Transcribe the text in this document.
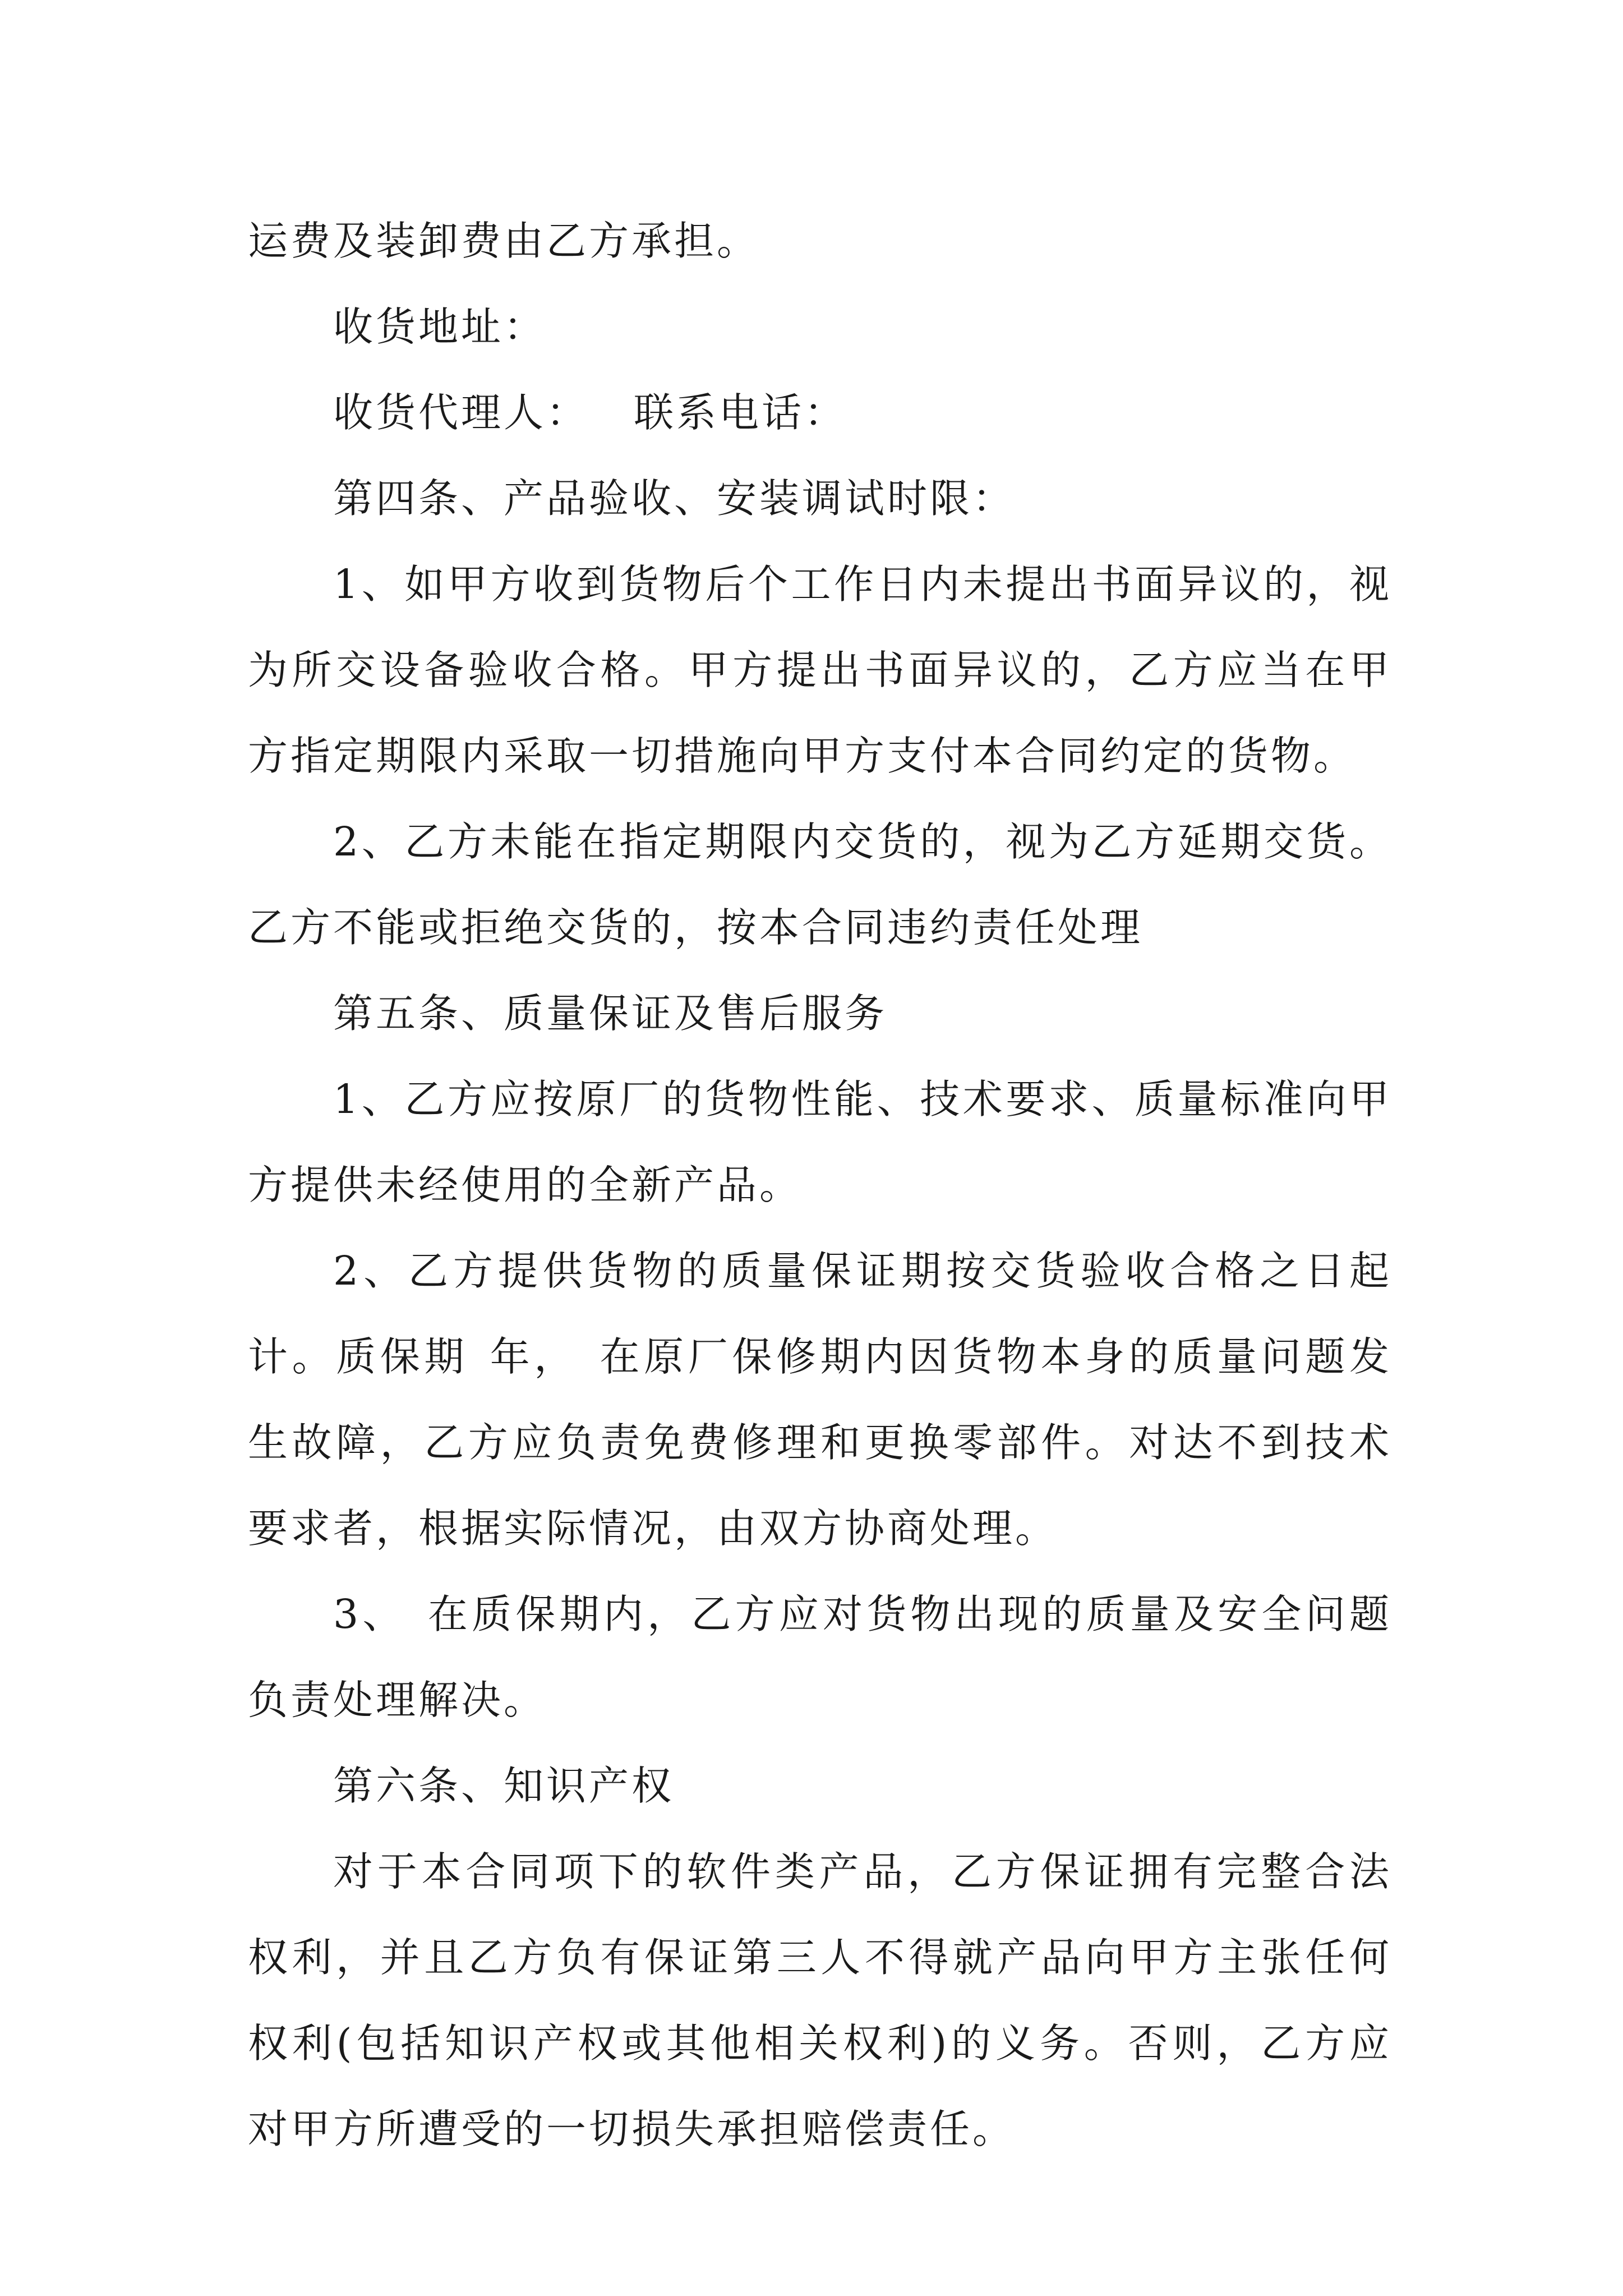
运费及装卸费由乙方承担。

收货地址：

收货代理人： 联系电话：

第四条、产品验收、安装调试时限：

1、如甲方收到货物后个工作日内未提出书面异议的，视为所交设备验收合格。甲方提出书面异议的，乙方应当在甲方指定期限内采取一切措施向甲方支付本合同约定的货物。

2、乙方未能在指定期限内交货的，视为乙方延期交货。乙方不能或拒绝交货的，按本合同违约责任处理

第五条、质量保证及售后服务

1、乙方应按原厂的货物性能、技术要求、质量标准向甲方提供未经使用的全新产品。

2、乙方提供货物的质量保证期按交货验收合格之日起计。质保期 年， 在原厂保修期内因货物本身的质量问题发生故障，乙方应负责免费修理和更换零部件。对达不到技术要求者，根据实际情况，由双方协商处理。

3、 在质保期内，乙方应对货物出现的质量及安全问题负责处理解决。

第六条、知识产权

对于本合同项下的软件类产品，乙方保证拥有完整合法权利，并且乙方负有保证第三人不得就产品向甲方主张任何权利(包括知识产权或其他相关权利)的义务。否则，乙方应对甲方所遭受的一切损失承担赔偿责任。
